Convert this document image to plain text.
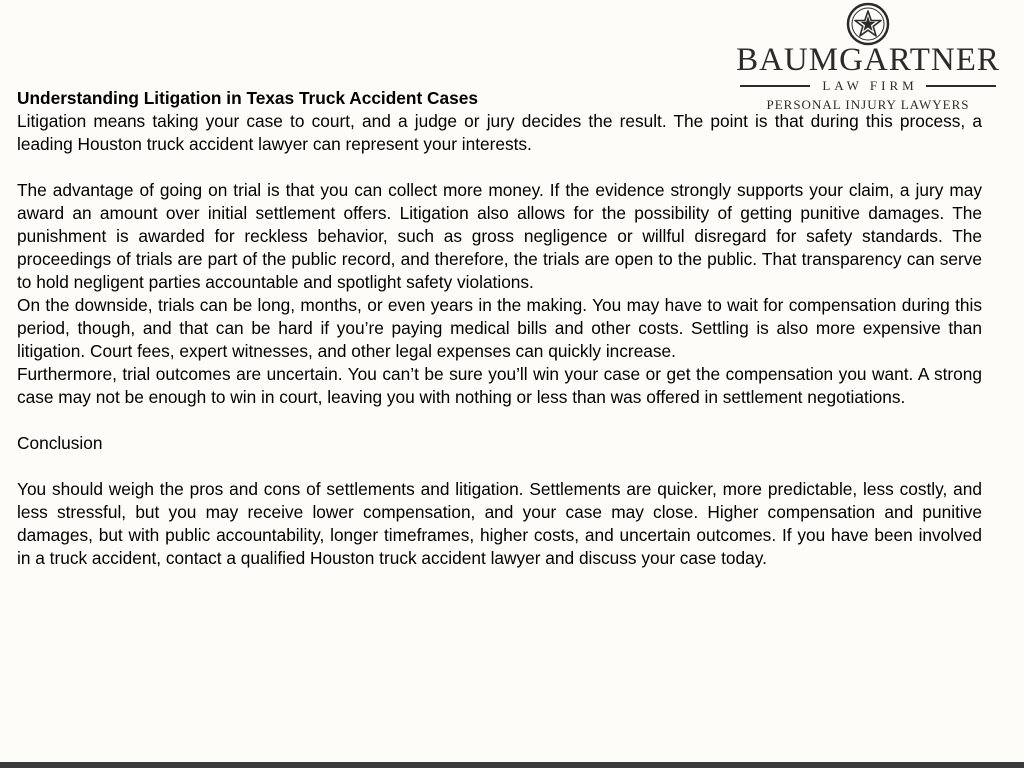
BAUMGARTNER
LAW FIRM
PERSONAL INJURY LAWYERS

Understanding Litigation in Texas Truck Accident Cases

Litigation means taking your case to court, and a judge or jury decides the result. The point is that during this process, a leading Houston truck accident lawyer can represent your interests.

The advantage of going on trial is that you can collect more money. If the evidence strongly supports your claim, a jury may award an amount over initial settlement offers. Litigation also allows for the possibility of getting punitive damages. The punishment is awarded for reckless behavior, such as gross negligence or willful disregard for safety standards. The proceedings of trials are part of the public record, and therefore, the trials are open to the public. That transparency can serve to hold negligent parties accountable and spotlight safety violations.

On the downside, trials can be long, months, or even years in the making. You may have to wait for compensation during this period, though, and that can be hard if you’re paying medical bills and other costs. Settling is also more expensive than litigation. Court fees, expert witnesses, and other legal expenses can quickly increase.

Furthermore, trial outcomes are uncertain. You can’t be sure you’ll win your case or get the compensation you want. A strong case may not be enough to win in court, leaving you with nothing or less than was offered in settlement negotiations.

Conclusion

You should weigh the pros and cons of settlements and litigation. Settlements are quicker, more predictable, less costly, and less stressful, but you may receive lower compensation, and your case may close. Higher compensation and punitive damages, but with public accountability, longer timeframes, higher costs, and uncertain outcomes. If you have been involved in a truck accident, contact a qualified Houston truck accident lawyer and discuss your case today.
